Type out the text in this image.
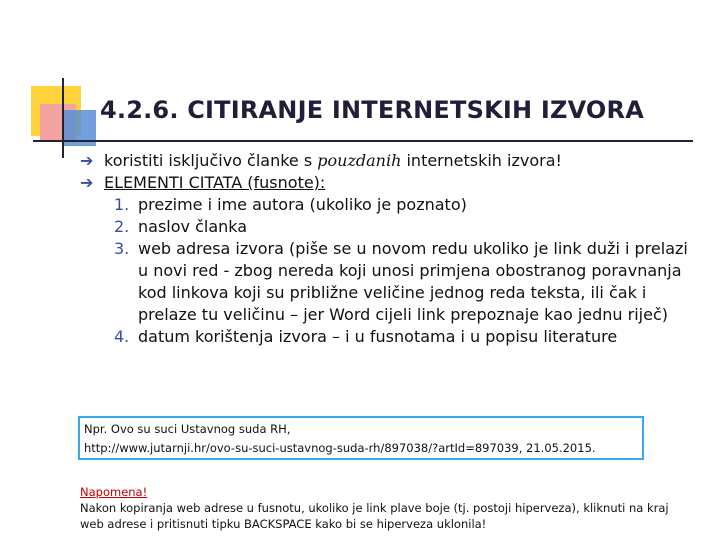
4.2.6. CITIRANJE INTERNETSKIH IZVORA
➔ koristiti isključivo članke s pouzdanih internetskih izvora!
➔ ELEMENTI CITATA (fusnote):
1. prezime i ime autora (ukoliko je poznato)
2. naslov članka
3. web adresa izvora (piše se u novom redu ukoliko je link duži i prelazi u novi red - zbog nereda koji unosi primjena obostranog poravnanja kod linkova koji su približne veličine jednog reda teksta, ili čak i prelaze tu veličinu – jer Word cijeli link prepoznaje kao jednu riječ)
4. datum korištenja izvora – i u fusnotama i u popisu literature
Npr. Ovo su suci Ustavnog suda RH,
http://www.jutarnji.hr/ovo-su-suci-ustavnog-suda-rh/897038/?artId=897039, 21.05.2015.
Napomena!
Nakon kopiranja web adrese u fusnotu, ukoliko je link plave boje (tj. postoji hiperveza), kliknuti na kraj web adrese i pritisnuti tipku BACKSPACE kako bi se hiperveza uklonila!
